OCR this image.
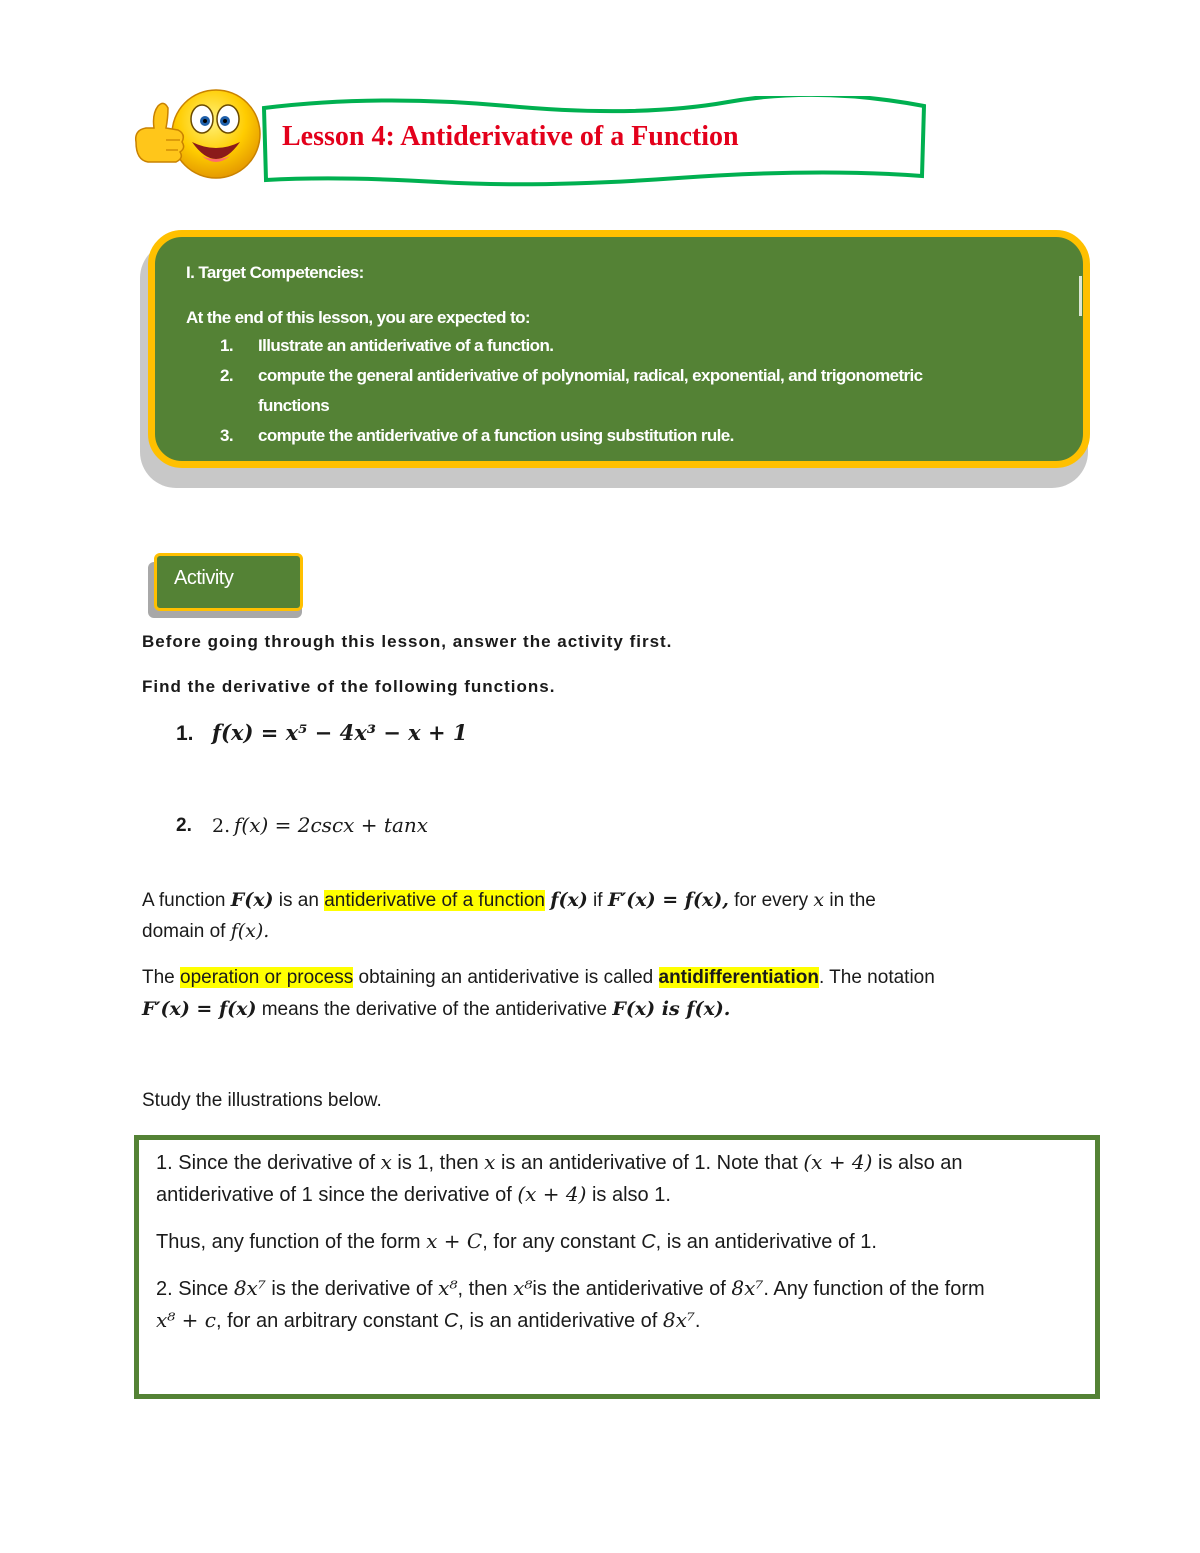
Lesson 4: Antiderivative of a Function
I. Target Competencies:
At the end of this lesson, you are expected to:
1. Illustrate an antiderivative of a function.
2. compute the general antiderivative of polynomial, radical, exponential, and trigonometric
functions
3. compute the antiderivative of a function using substitution rule.
Activity
Before going through this lesson, answer the activity first.
Find the derivative of the following functions.
1. f(x) = x⁵ − 4x³ − x + 1
2. 2. f(x) = 2cscx + tanx
A function F(x) is an antiderivative of a function f(x) if F′(x) = f(x), for every x in the
domain of f(x).
The operation or process obtaining an antiderivative is called antidifferentiation. The notation
F′(x) = f(x) means the derivative of the antiderivative F(x) is f(x).
Study the illustrations below.
1. Since the derivative of x is 1, then x is an antiderivative of 1. Note that (x + 4) is also an
antiderivative of 1 since the derivative of (x + 4) is also 1.
Thus, any function of the form x + C, for any constant C, is an antiderivative of 1.
2. Since 8x⁷ is the derivative of x⁸, then x⁸is the antiderivative of 8x⁷. Any function of the form
x⁸ + c, for an arbitrary constant C, is an antiderivative of 8x⁷.
